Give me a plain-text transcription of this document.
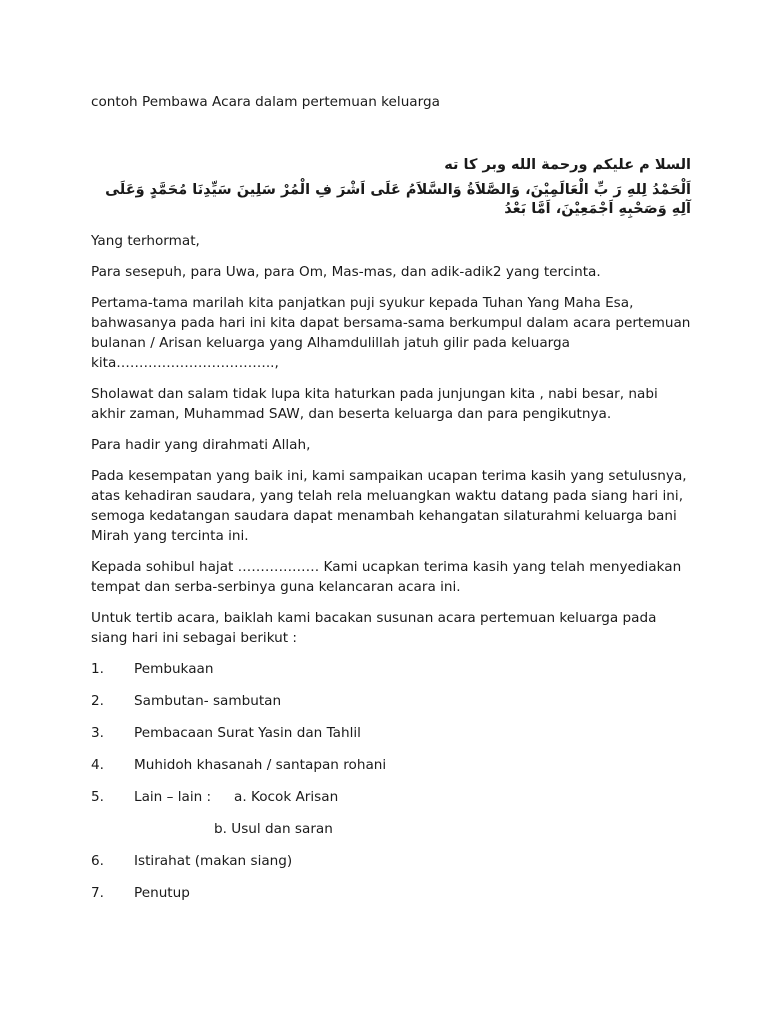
contoh Pembawa Acara dalam pertemuan keluarga

السلا م عليكم ورحمة الله وبر كا ته
اَلْحَمْدُ لِلهِ رَ بِّ الْعَالَمِيْنَ، وَالصَّلاَةُ وَالسَّلاَمُ عَلَى اَشْرَ فِ الْمُرْ سَلِينَ سَيِّدِنَا مُحَمَّدٍ وَعَلَى آلِهِ وَصَحْبِهِ اَجْمَعِيْنَ، اَمَّا بَعْدُ

Yang terhormat,

Para sesepuh, para Uwa, para Om, Mas-mas, dan adik-adik2 yang tercinta.

Pertama-tama marilah kita panjatkan puji syukur kepada Tuhan Yang Maha Esa, bahwasanya pada hari ini kita dapat bersama-sama berkumpul dalam acara pertemuan bulanan / Arisan keluarga yang Alhamdulillah jatuh gilir pada keluarga kita……………………………..,

Sholawat dan salam tidak lupa kita haturkan pada junjungan kita , nabi besar, nabi akhir zaman, Muhammad SAW, dan beserta keluarga dan para pengikutnya.

Para hadir yang dirahmati Allah,

Pada kesempatan yang baik ini, kami sampaikan ucapan terima kasih yang setulusnya, atas kehadiran saudara, yang telah rela meluangkan waktu datang pada siang hari ini, semoga kedatangan saudara dapat menambah kehangatan silaturahmi keluarga bani Mirah yang tercinta ini.

Kepada sohibul hajat ……………… Kami ucapkan terima kasih yang telah menyediakan tempat dan serba-serbinya guna kelancaran acara ini.

Untuk tertib acara, baiklah kami bacakan susunan acara pertemuan keluarga pada siang hari ini sebagai berikut :

1.	Pembukaan
2.	Sambutan- sambutan
3.	Pembacaan Surat Yasin dan Tahlil
4.	Muhidoh khasanah / santapan rohani
5.	Lain – lain : a. Kocok Arisan
b. Usul dan saran
6.	Istirahat (makan siang)
7.	Penutup
